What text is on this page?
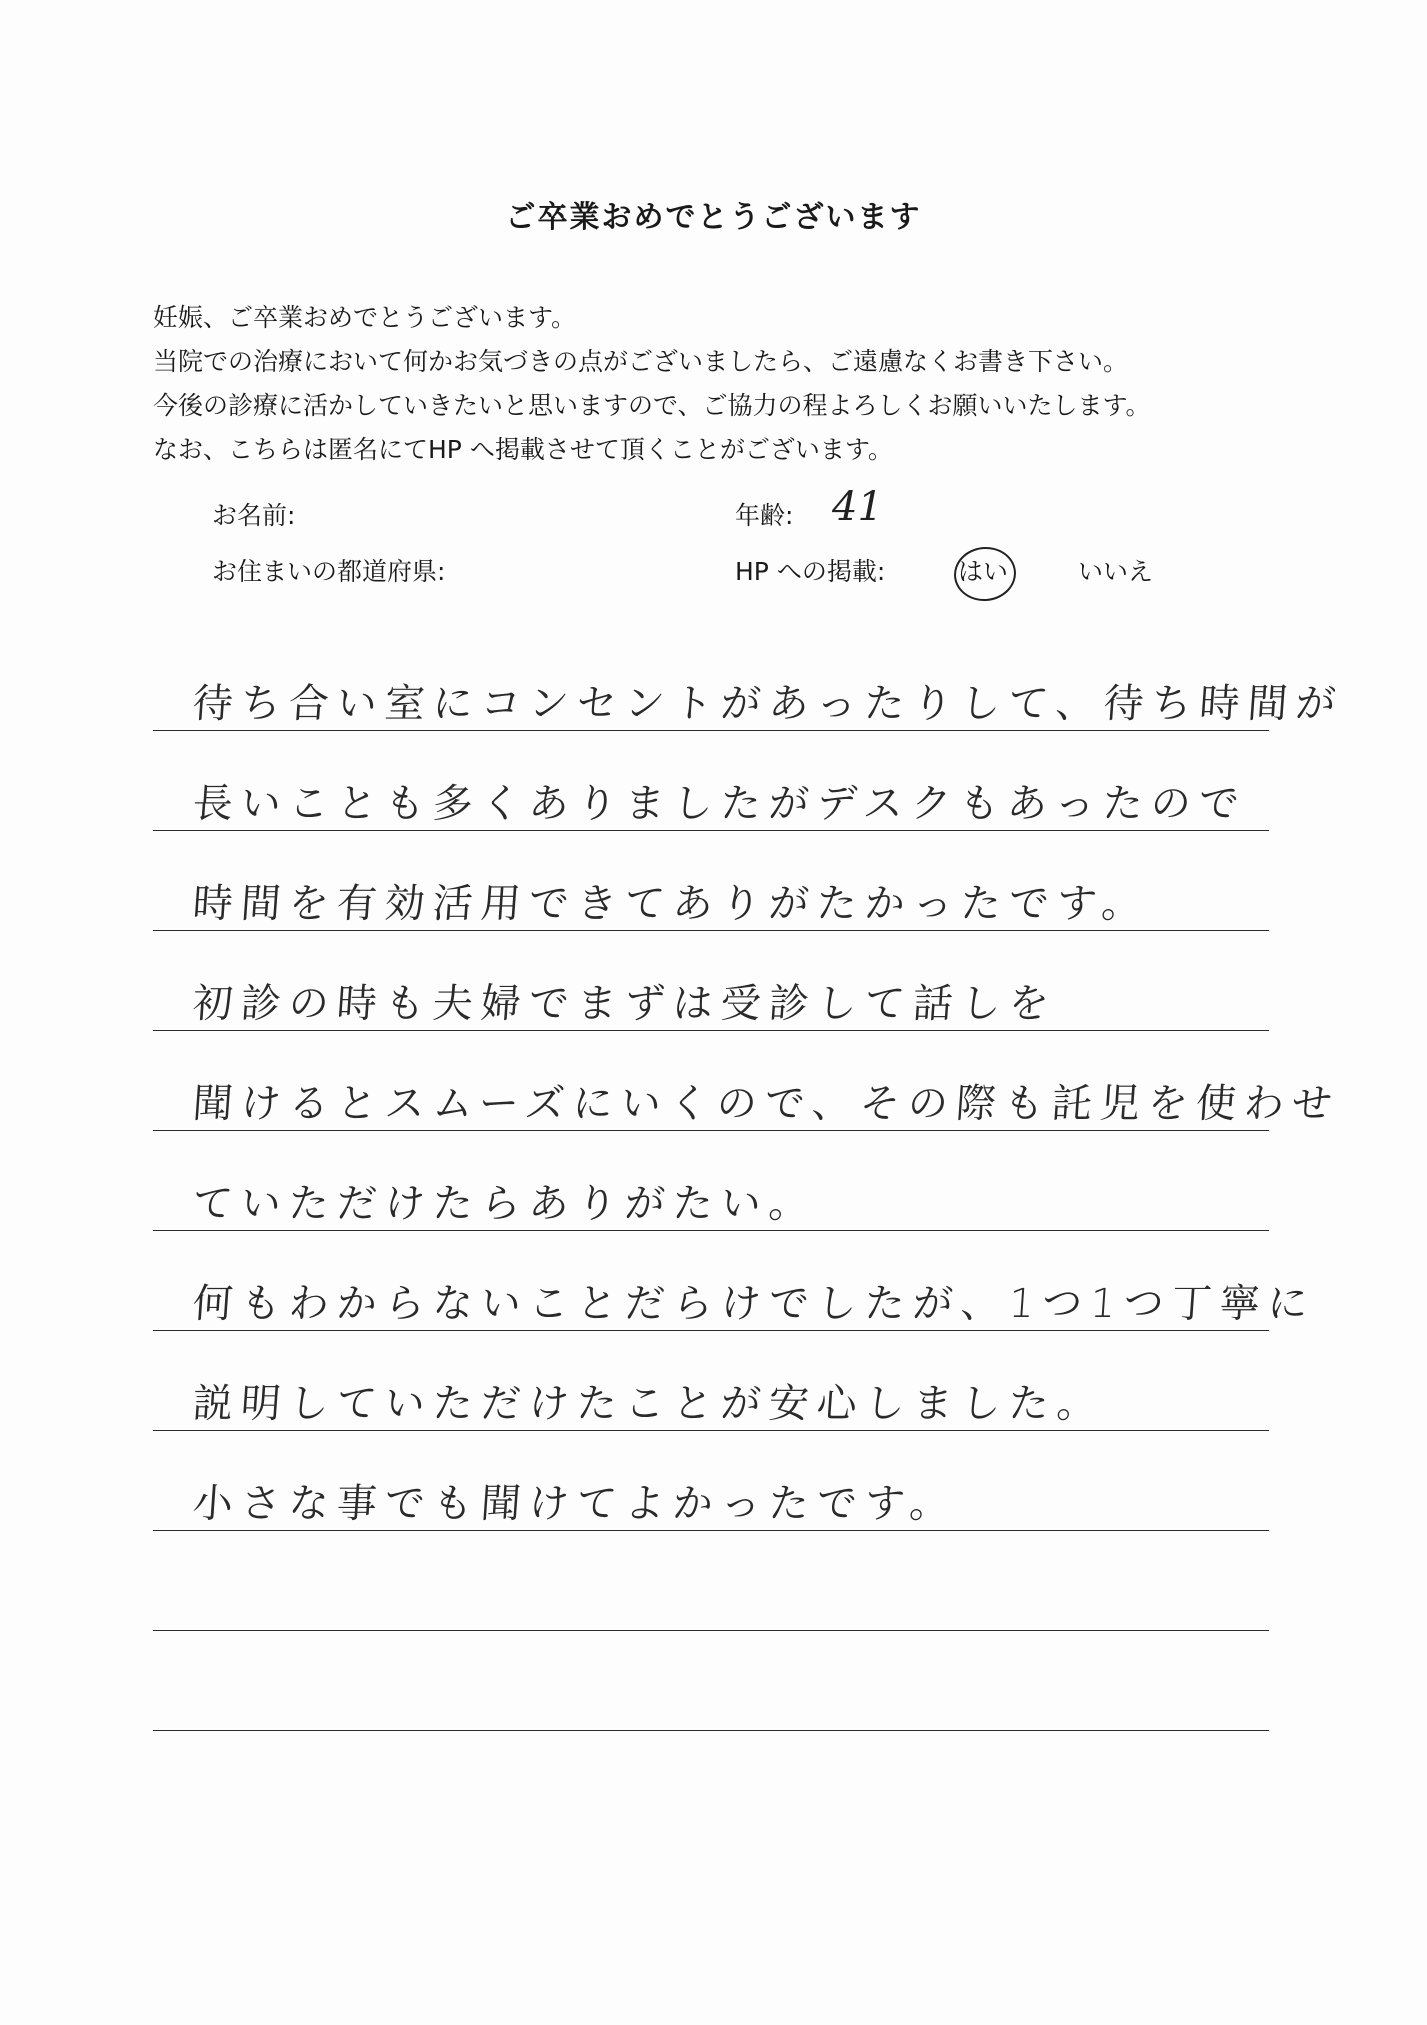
ご卒業おめでとうございます
妊娠、ご卒業おめでとうございます。
当院での治療において何かお気づきの点がございましたら、ご遠慮なくお書き下さい。
今後の診療に活かしていきたいと思いますので、ご協力の程よろしくお願いいたします。
なお、こちらは匿名にてHP へ掲載させて頂くことがございます。
お名前:	年齢: 41
お住まいの都道府県:	HP への掲載:	はい	いいえ
待ち合い室にコンセントがあったりして、待ち時間が
長いことも多くありましたがデスクもあったので
時間を有効活用できてありがたかったです。
初診の時も夫婦でまずは受診して話しを
聞けるとスムーズにいくので、その際も託児を使わせ
ていただけたらありがたい。
何もわからないことだらけでしたが、1つ1つ丁寧に
説明していただけたことが安心しました。
小さな事でも聞けてよかったです。
